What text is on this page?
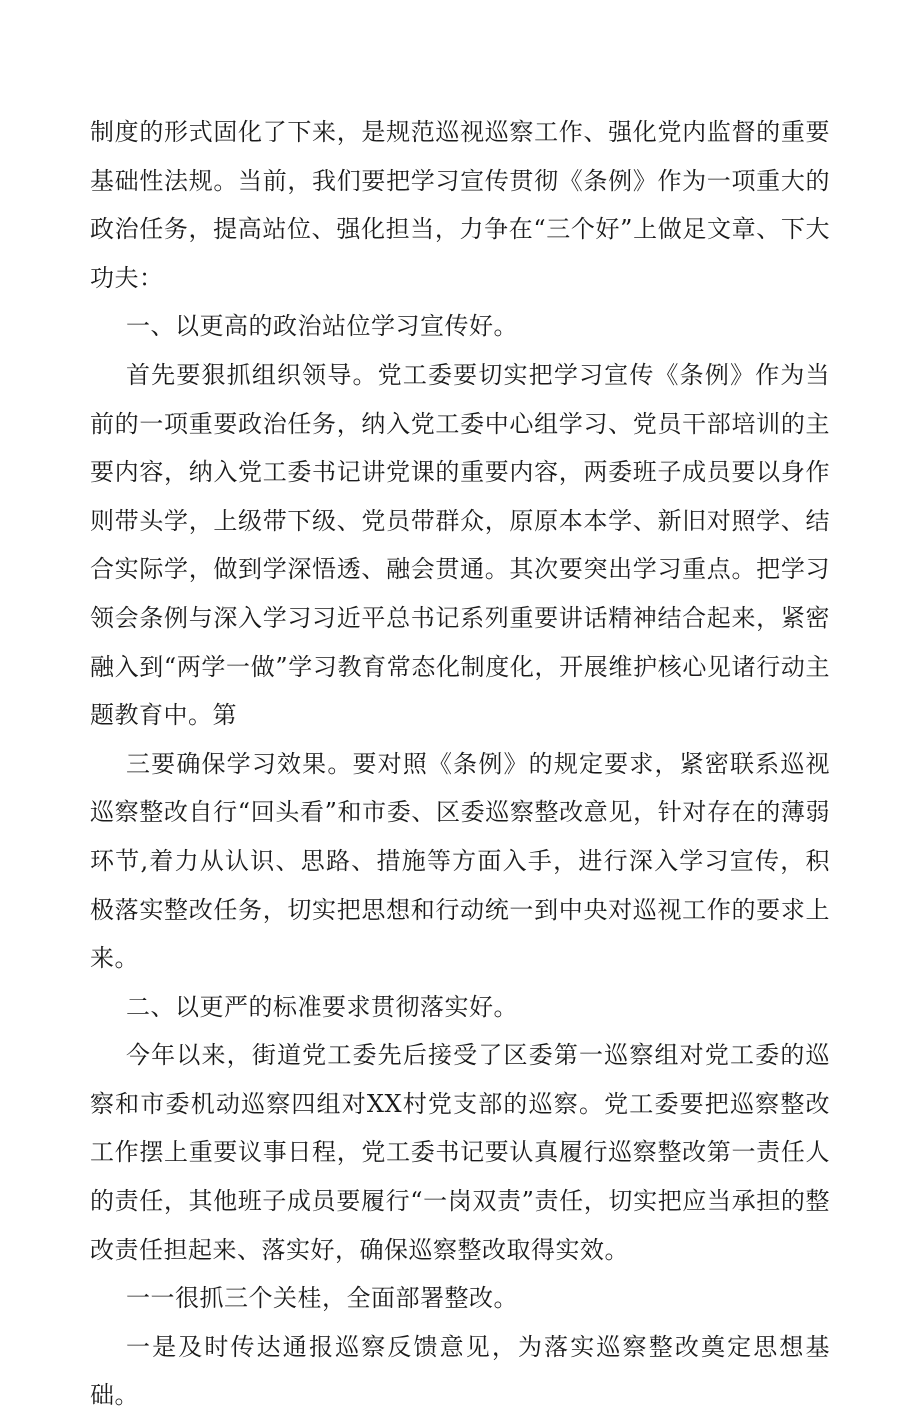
制度的形式固化了下来，是规范巡视巡察工作、强化党内监督的重要基础性法规。当前，我们要把学习宣传贯彻《条例》作为一项重大的政治任务，提高站位、强化担当，力争在“三个好”上做足文章、下大功夫：

一、以更高的政治站位学习宣传好。

首先要狠抓组织领导。党工委要切实把学习宣传《条例》作为当前的一项重要政治任务，纳入党工委中心组学习、党员干部培训的主要内容，纳入党工委书记讲党课的重要内容，两委班子成员要以身作则带头学，上级带下级、党员带群众，原原本本学、新旧对照学、结合实际学，做到学深悟透、融会贯通。其次要突出学习重点。把学习领会条例与深入学习习近平总书记系列重要讲话精神结合起来，紧密融入到“两学一做”学习教育常态化制度化，开展维护核心见诸行动主题教育中。第

三要确保学习效果。要对照《条例》的规定要求，紧密联系巡视巡察整改自行“回头看”和市委、区委巡察整改意见，针对存在的薄弱环节,着力从认识、思路、措施等方面入手，进行深入学习宣传，积极落实整改任务，切实把思想和行动统一到中央对巡视工作的要求上来。

二、以更严的标准要求贯彻落实好。

今年以来，街道党工委先后接受了区委第一巡察组对党工委的巡察和市委机动巡察四组对XX村党支部的巡察。党工委要把巡察整改工作摆上重要议事日程，党工委书记要认真履行巡察整改第一责任人的责任，其他班子成员要履行“一岗双责”责任，切实把应当承担的整改责任担起来、落实好，确保巡察整改取得实效。

一一很抓三个关桂，全面部署整改。

一是及时传达通报巡察反馈意见，为落实巡察整改奠定思想基础。
